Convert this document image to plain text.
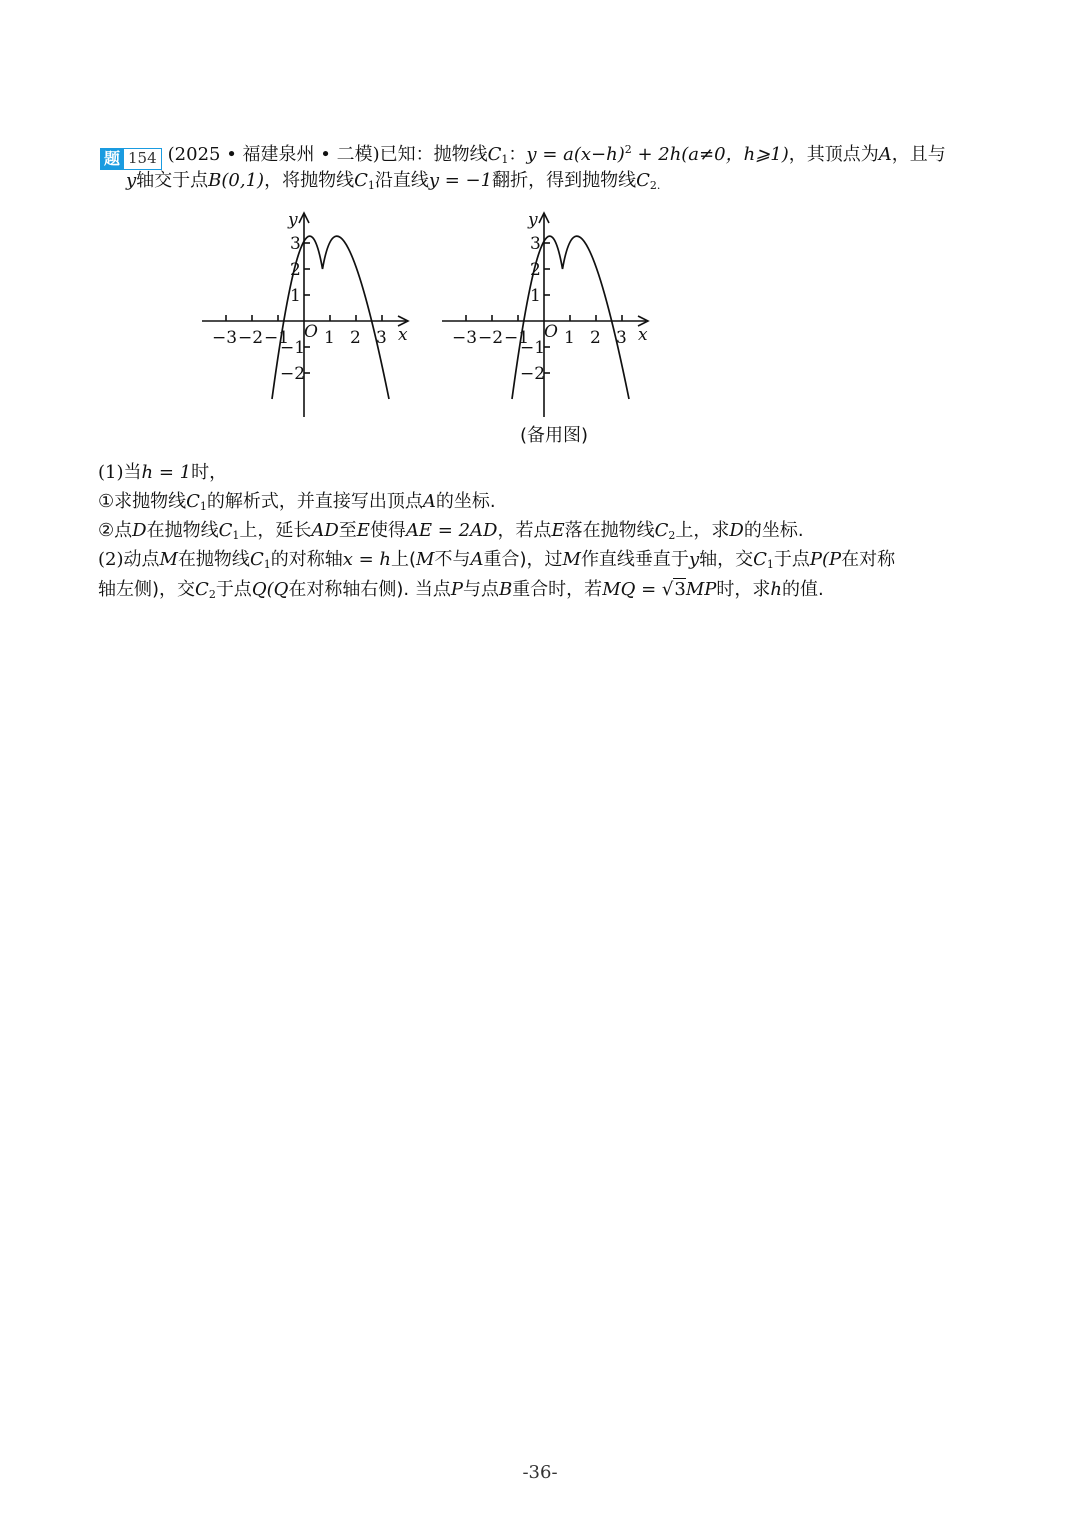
题 154 (2025 • 福建泉州 • 二模)已知：抛物线$C_1$：$y = a(x-h)^2 + 2h(a\ne 0$，h⩾1)，其顶点为A，且与
y轴交于点B(0,1)，将抛物线$C_1$沿直线y = −1翻折，得到抛物线$C_{2.}$
y
x
O
−3 −2 −1 1 2 3
3
2
1
−1
−2
y
x
O
−3 −2 −1 1 2 3
3
2
1
−1
−2
(备用图)
(1)当h = 1时，
①求抛物线$C_1$的解析式，并直接写出顶点A的坐标.
②点D在抛物线$C_1$上，延长AD至E使得AE = 2AD，若点E落在抛物线$C_2$上，求D的坐标.
(2)动点M在抛物线$C_1$的对称轴x = h上(M不与A重合)，过M作直线垂直于y轴，交$C_1$于点P(P在对称
轴左侧)，交$C_2$于点Q(Q在对称轴右侧). 当点P与点B重合时，若MQ = √3MP时，求h的值.
-36-
